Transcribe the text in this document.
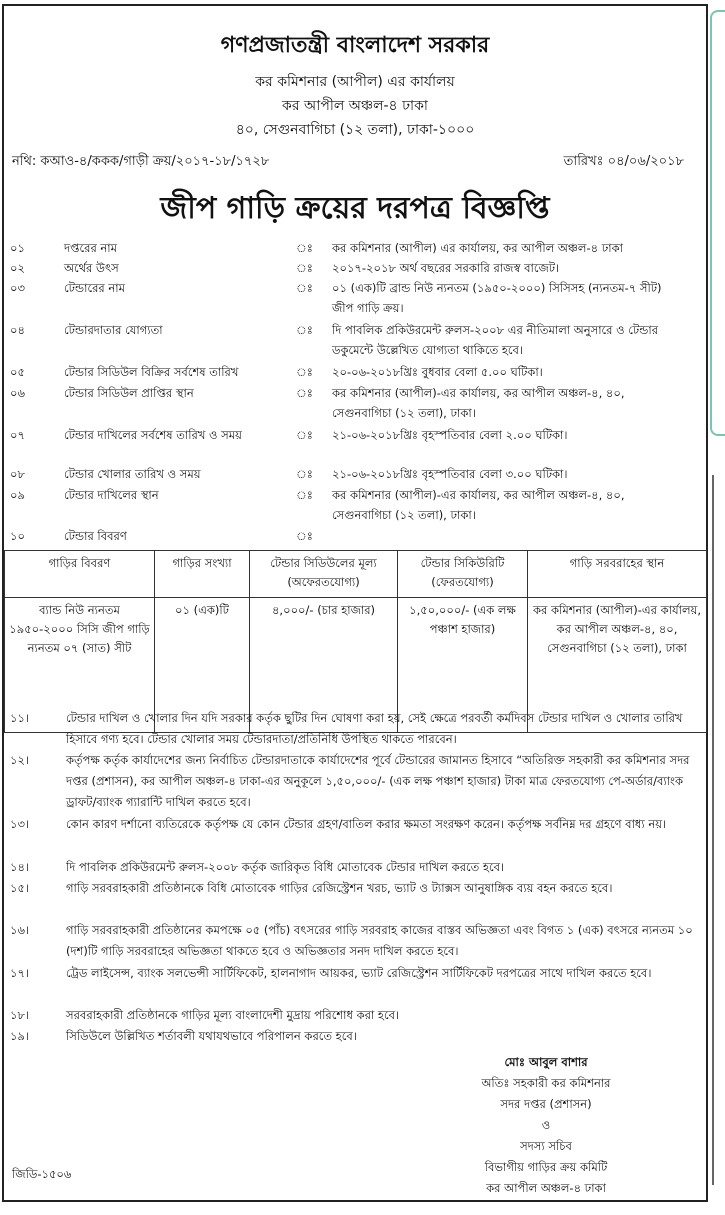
গণপ্রজাতন্ত্রী বাংলাদেশ সরকার
কর কমিশনার (আপীল) এর কার্যালয়
কর আপীল অঞ্চল-৪ ঢাকা
৪০, সেগুনবাগিচা (১২ তলা), ঢাকা-১০০০
নথি: কআও-৪/ককক/গাড়ী ক্রয়/২০১৭-১৮/১৭২৮	তারিখঃ ০৪/০৬/২০১৮
জীপ গাড়ি ক্রয়ের দরপত্র বিজ্ঞপ্তি
০১	দপ্তরের নাম	ঃ কর কমিশনার (আপীল) এর কার্যালয়, কর আপীল অঞ্চল-৪ ঢাকা
০২	অর্থের উৎস	ঃ ২০১৭-২০১৮ অর্থ বছরের সরকারি রাজস্ব বাজেট।
০৩	টেন্ডারের নাম	ঃ ০১ (এক)টি ব্রান্ড নিউ ন্যনতম (১৯৫০-২০০০) সিসিসহ (ন্যনতম-৭ সীট) জীপ গাড়ি ক্রয়।
০৪	টেন্ডারদাতার যোগ্যতা	ঃ দি পাবলিক প্রকিউরমেন্ট রুলস-২০০৮ এর নীতিমালা অনুসারে ও টেন্ডার ডকুমেন্টে উল্লেখিত যোগ্যতা থাকিতে হবে।
০৫	টেন্ডার সিডিউল বিক্রির সর্বশেষ তারিখ	ঃ ২০-০৬-২০১৮খ্রিঃ বুধবার বেলা ৫.০০ ঘটিকা।
০৬	টেন্ডার সিডিউল প্রাপ্তির স্থান	ঃ কর কমিশনার (আপীল)-এর কার্যালয়, কর আপীল অঞ্চল-৪, ৪০, সেগুনবাগিচা (১২ তলা), ঢাকা।
০৭	টেন্ডার দাখিলের সর্বশেষ তারিখ ও সময়	ঃ ২১-০৬-২০১৮খ্রিঃ বৃহস্পতিবার বেলা ২.০০ ঘটিকা।
০৮	টেন্ডার খোলার তারিখ ও সময়	ঃ ২১-০৬-২০১৮খ্রিঃ বৃহস্পতিবার বেলা ৩.০০ ঘটিকা।
০৯	টেন্ডার দাখিলের স্থান	ঃ কর কমিশনার (আপীল)-এর কার্যালয়, কর আপীল অঞ্চল-৪, ৪০, সেগুনবাগিচা (১২ তলা), ঢাকা।
১০	টেন্ডার বিবরণ	ঃ
গাড়ির বিবরণ	গাড়ির সংখ্যা	টেন্ডার সিডিউলের মূল্য (অফেরতযোগ্য)	টেন্ডার সিকিউরিটি (ফেরতযোগ্য)	গাড়ি সরবরাহের স্থান
ব্যান্ড নিউ ন্যনতম ১৯৫০-২০০০ সিসি জীপ গাড়ি ন্যনতম ০৭ (সাত) সীট	০১ (এক)টি	৪,০০০/- (চার হাজার)	১,৫০,০০০/- (এক লক্ষ পঞ্চাশ হাজার)	কর কমিশনার (আপীল)-এর কার্যালয়, কর আপীল অঞ্চল-৪, ৪০, সেগুনবাগিচা (১২ তলা), ঢাকা
১১।	টেন্ডার দাখিল ও খোলার দিন যদি সরকার কর্তৃক ছুটির দিন ঘোষণা করা হয়, সেই ক্ষেত্রে পরবর্তী কর্মদিবস টেন্ডার দাখিল ও খোলার তারিখ হিসাবে গণ্য হবে। টেন্ডার খোলার সময় টেন্ডারদাতা/প্রতিনিধি উপস্থিত থাকতে পারবেন।
১২।	কর্তৃপক্ষ কর্তৃক কার্যাদেশের জন্য নির্বাচিত টেন্ডারদাতাকে কার্যাদেশের পূর্বে টেন্ডারের জামানত হিসাবে “অতিরিক্ত সহকারী কর কমিশনার সদর দপ্তর (প্রশাসন), কর আপীল অঞ্চল-৪ ঢাকা-এর অনুকূলে ১,৫০,০০০/- (এক লক্ষ পঞ্চাশ হাজার) টাকা মাত্র ফেরতযোগ্য পে-অর্ডার/ব্যাংক ড্রাফট/ব্যাংক গ্যারান্টি দাখিল করতে হবে।
১৩।	কোন কারণ দর্শানো ব্যতিরেকে কর্তৃপক্ষ যে কোন টেন্ডার গ্রহণ/বাতিল করার ক্ষমতা সংরক্ষণ করেন। কর্তৃপক্ষ সর্বনিম্ন দর গ্রহণে বাধ্য নয়।
১৪।	দি পাবলিক প্রকিউরমেন্ট রুলস-২০০৮ কর্তৃক জারিকৃত বিধি মোতাবেক টেন্ডার দাখিল করতে হবে।
১৫।	গাড়ি সরবরাহকারী প্রতিষ্ঠানকে বিধি মোতাবেক গাড়ির রেজিস্ট্রেশন খরচ, ভ্যাট ও ট্যাক্সস আনুষাঙ্গিক ব্যয় বহন করতে হবে।
১৬।	গাড়ি সরবরাহকারী প্রতিষ্ঠানের কমপক্ষে ০৫ (পাঁচ) বৎসরের গাড়ি সরবরাহ কাজের বাস্তব অভিজ্ঞতা এবং বিগত ১ (এক) বৎসরে ন্যনতম ১০ (দশ)টি গাড়ি সরবরাহের অভিজ্ঞতা থাকতে হবে ও অভিজ্ঞতার সনদ দাখিল করতে হবে।
১৭।	ট্রেড লাইসেন্স, ব্যাংক সলভেন্সী সার্টিফিকেট, হালনাগাদ আয়কর, ভ্যাট রেজিস্ট্রেশন সার্টিফিকেট দরপত্রের সাথে দাখিল করতে হবে।
১৮।	সরবরাহকারী প্রতিষ্ঠানকে গাড়ির মূল্য বাংলাদেশী মুদ্রায় পরিশোধ করা হবে।
১৯।	সিডিউলে উল্লিখিত শর্তাবলী যথাযথভাবে পরিপালন করতে হবে।
মোঃ আবুল বাশার
অতিঃ সহকারী কর কমিশনার
সদর দপ্তর (প্রশাসন)
ও
সদস্য সচিব
বিভাগীয় গাড়ির ক্রয় কমিটি
কর আপীল অঞ্চল-৪ ঢাকা
জিডি-১৫০৬
